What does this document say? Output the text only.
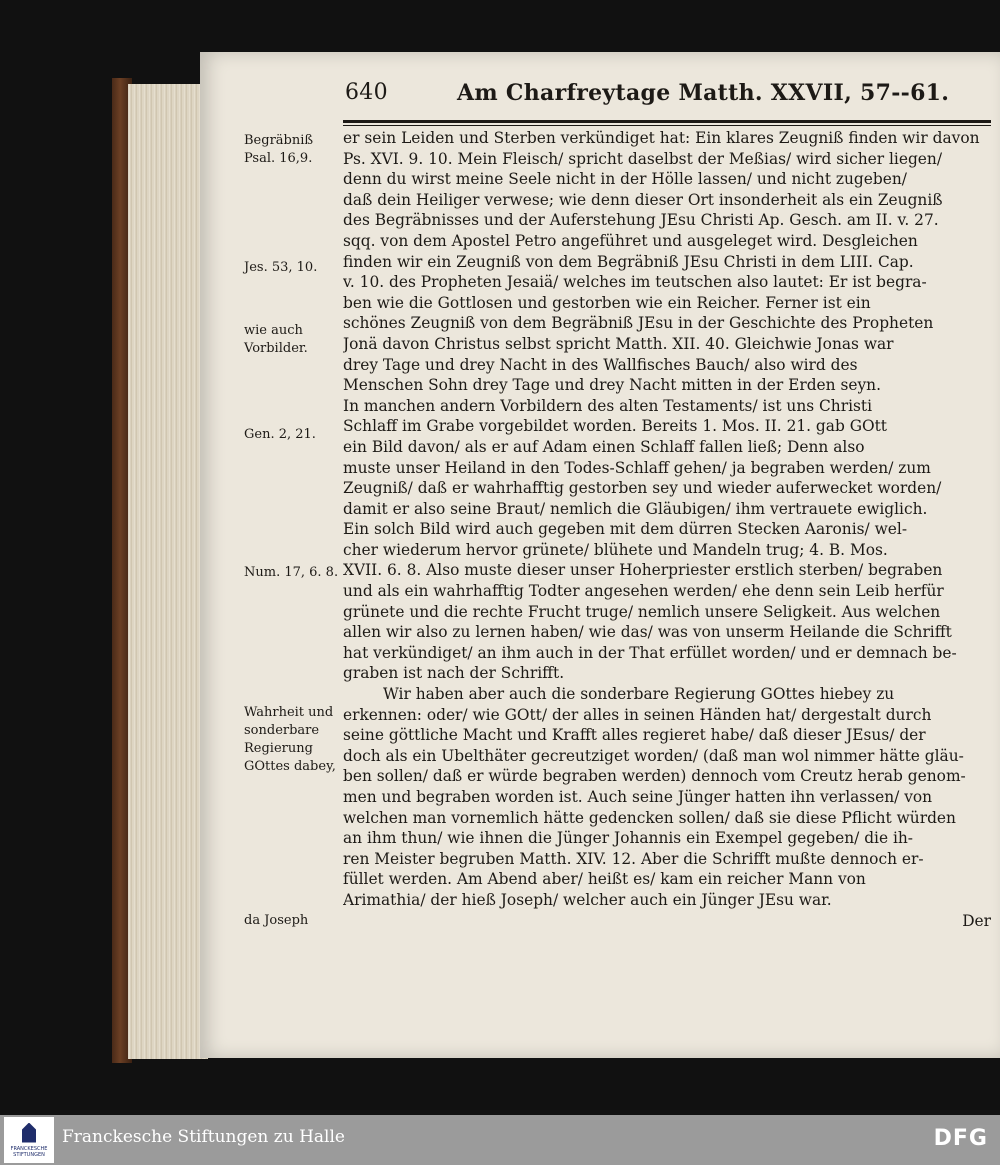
640	Am Charfreytage Matth. XXVII, 57--61.
Begräbniß Psal. 16,9.
Jes. 53, 10.
wie auch Vorbilder.
Gen. 2, 21.
Num. 17, 6. 8.
Wahrheit und sonderbare Regierung GOttes dabey,
da Joseph
er sein Leiden und Sterben verkündiget hat: Ein klares Zeugniß finden wir davon
Ps. XVI. 9. 10. Mein Fleisch/ spricht daselbst der Meßias/ wird sicher liegen/
denn du wirst meine Seele nicht in der Hölle lassen/ und nicht zugeben/
daß dein Heiliger verwese; wie denn dieser Ort insonderheit als ein Zeugniß
des Begräbnisses und der Auferstehung JEsu Christi Ap. Gesch. am II. v. 27.
sqq. von dem Apostel Petro angeführet und ausgeleget wird. Desgleichen
finden wir ein Zeugniß von dem Begräbniß JEsu Christi in dem LIII. Cap.
v. 10. des Propheten Jesaiä/ welches im teutschen also lautet: Er ist begra-
ben wie die Gottlosen und gestorben wie ein Reicher. Ferner ist ein
schönes Zeugniß von dem Begräbniß JEsu in der Geschichte des Propheten
Jonä davon Christus selbst spricht Matth. XII. 40. Gleichwie Jonas war
drey Tage und drey Nacht in des Wallfisches Bauch/ also wird des
Menschen Sohn drey Tage und drey Nacht mitten in der Erden seyn.
In manchen andern Vorbildern des alten Testaments/ ist uns Christi
Schlaff im Grabe vorgebildet worden. Bereits 1. Mos. II. 21. gab GOtt
ein Bild davon/ als er auf Adam einen Schlaff fallen ließ; Denn also
muste unser Heiland in den Todes-Schlaff gehen/ ja begraben werden/ zum
Zeugniß/ daß er wahrhafftig gestorben sey und wieder auferwecket worden/
damit er also seine Braut/ nemlich die Gläubigen/ ihm vertrauete ewiglich.
Ein solch Bild wird auch gegeben mit dem dürren Stecken Aaronis/ wel-
cher wiederum hervor grünete/ blühete und Mandeln trug; 4. B. Mos.
XVII. 6. 8. Also muste dieser unser Hoherpriester erstlich sterben/ begraben
und als ein wahrhafftig Todter angesehen werden/ ehe denn sein Leib herfür
grünete und die rechte Frucht truge/ nemlich unsere Seligkeit. Aus welchen
allen wir also zu lernen haben/ wie das/ was von unserm Heilande die Schrifft
hat verkündiget/ an ihm auch in der That erfüllet worden/ und er demnach be-
graben ist nach der Schrifft.
Wir haben aber auch die sonderbare Regierung GOttes hiebey zu
erkennen: oder/ wie GOtt/ der alles in seinen Händen hat/ dergestalt durch
seine göttliche Macht und Krafft alles regieret habe/ daß dieser JEsus/ der
doch als ein Ubelthäter gecreutziget worden/ (daß man wol nimmer hätte gläu-
ben sollen/ daß er würde begraben werden) dennoch vom Creutz herab genom-
men und begraben worden ist. Auch seine Jünger hatten ihn verlassen/ von
welchen man vornemlich hätte gedencken sollen/ daß sie diese Pflicht würden
an ihm thun/ wie ihnen die Jünger Johannis ein Exempel gegeben/ die ih-
ren Meister begruben Matth. XIV. 12. Aber die Schrifft mußte dennoch er-
füllet werden. Am Abend aber/ heißt es/ kam ein reicher Mann von
Arimathia/ der hieß Joseph/ welcher auch ein Jünger JEsu war.
Der
FRANCKESCHE STIFTUNGEN
Franckesche Stiftungen zu Halle	DFG
